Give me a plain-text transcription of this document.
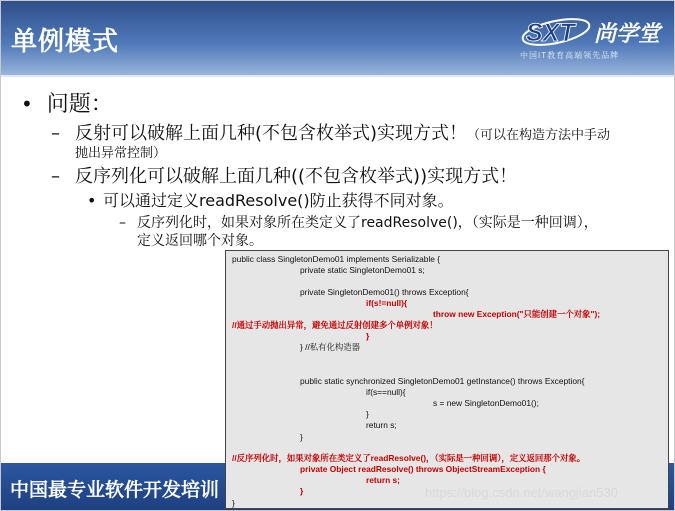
单例模式	SXT 尚学堂
中国IT教育高端领先品牌
• 问题：
– 反射可以破解上面几种(不包含枚举式)实现方式！（可以在构造方法中手动
抛出异常控制）
– 反序列化可以破解上面几种((不包含枚举式))实现方式！
• 可以通过定义readResolve()防止获得不同对象。
– 反序列化时，如果对象所在类定义了readResolve()，（实际是一种回调），
定义返回哪个对象。
public class SingletonDemo01 implements Serializable {
private static SingletonDemo01 s;
private SingletonDemo01() throws Exception{
if(s!=null){
throw new Exception("只能创建一个对象");
//通过手动抛出异常，避免通过反射创建多个单例对象！
}
} //私有化构造器
public static synchronized SingletonDemo01 getInstance() throws Exception{
if(s==null){
s = new SingletonDemo01();
}
return s;
}
//反序列化时，如果对象所在类定义了readResolve()，（实际是一种回调），定义返回那个对象。
private Object readResolve() throws ObjectStreamException {
return s;
}
}
中国最专业软件开发培训	https://blog.csdn.net/wangjian530
